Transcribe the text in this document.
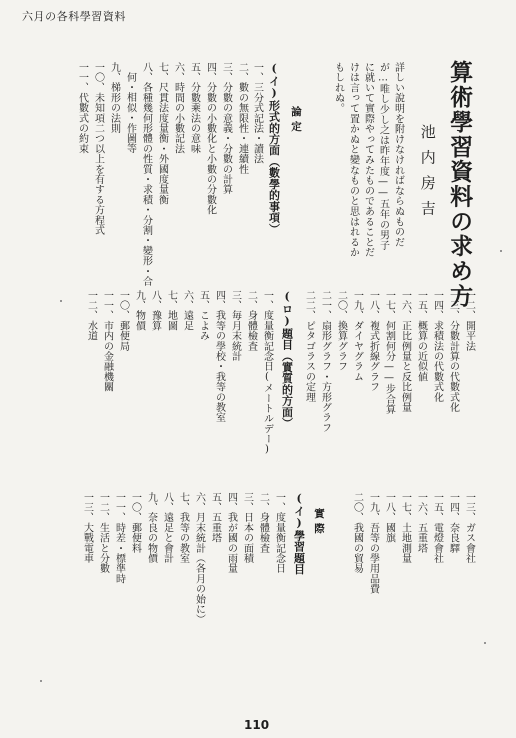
六月の各科學習資料
算術學習資料の求め方
池内房吉
詳しい說明を附けなければならぬものだ
が…唯し少し之は昨年度——五年の男子
に就いて實際やってみたものであることだ
けは言って置かぬと變なものと思はれるか
もしれぬ。
論定
(イ)形式的方面（數學的事項）
一、三分式記法・讀法
二、數の無限性・連續性
三、分數の意義・分數の計算
四、分數の小數化と小數の分數化
五、分數乘法の意味
六、時間の小數記法
七、尺貫法度量衡・外國度量衡
八、各種幾何形體の性質・求積・分割・變形・合
何・相似・作圖等
九、梯形の法則
一〇、未知項二つ以上を有する方程式
一一、代數式の約束
一二、開平法
一三、分數計算の代數式化
一四、求積法の代數式化
一五、概算の近似値
一六、正比例量と反比例量
一七、何割何分——步合算
一八、複式折線グラフ
一九、ダイヤグラム
二〇、換算グラフ
二一、扇形グラフ・方形グラフ
二二、ピタゴラスの定理
(ロ)題目（實質的方面）
一、度量衡記念日(メートルデー)
二、身體檢査
三、毎月末統計
四、我等の學校・我等の教室
五、こよみ
六、遠足
七、地圖
八、豫算
九、物價
一〇、郵便局
一一、市内の金融機關
一二、水道
一三、ガス會社
一四、奈良驛
一五、電燈會社
一六、五重塔
一七、土地測量
一八、國旗
一九、吾等の學用品費
二〇、我國の貿易
實際
(イ)學習題目
一、度量衡記念日
二、身體檢査
三、日本の面積
四、我が國の雨量
五、五重塔
六、月末統計（各月の始に）
七、我等の教室
八、遠足と會計
九、奈良の物價
一〇、郵便料
一一、時差・標準時
一二、生活と分數
一三、大戰電車
110
